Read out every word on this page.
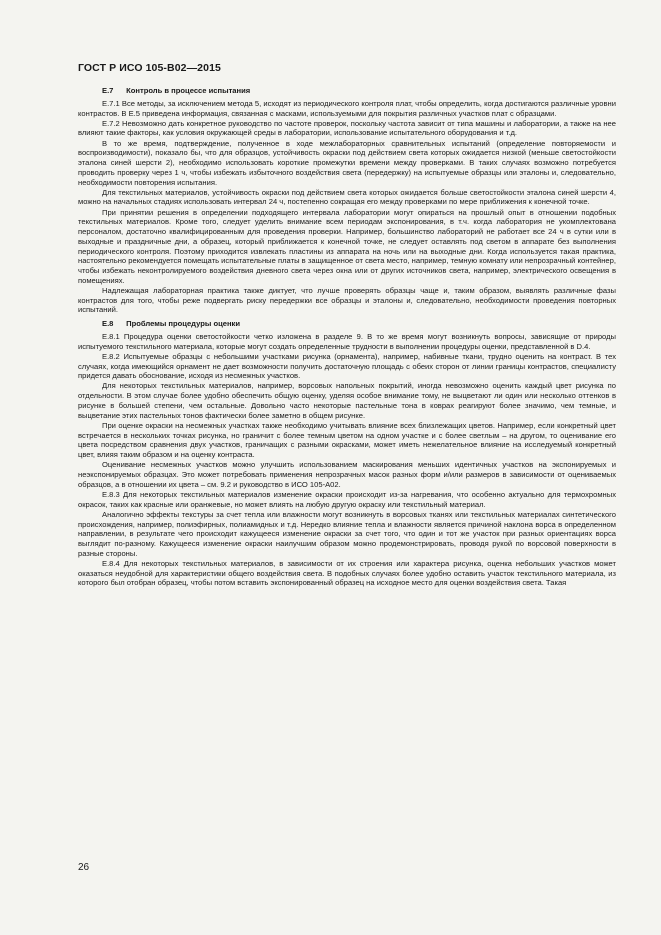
ГОСТ Р ИСО 105-B02—2015
E.7 Контроль в процессе испытания

E.7.1 Все методы, за исключением метода 5, исходят из периодического контроля плат, чтобы определить, когда достигаются различные уровни контрастов. В Е.5 приведена информация, связанная с масками, используемыми для покрытия различных участков плат с образцами.

E.7.2 Невозможно дать конкретное руководство по частоте проверок, поскольку частота зависит от типа машины и лаборатории, а также на нее влияют такие факторы, как условия окружающей среды в лаборатории, использование испытательного оборудования и т.д.

В то же время, подтверждение, полученное в ходе межлабораторных сравнительных испытаний (определение повторяемости и воспроизводимости), показало бы, что для образцов, устойчивость окраски под действием света которых ожидается низкой (меньше светостойкости эталона синей шерсти 2), необходимо использовать короткие промежутки времени между проверками. В таких случаях возможно потребуется проводить проверку через 1 ч, чтобы избежать избыточного воздействия света (передержку) на испытуемые образцы или эталоны и, следовательно, необходимости повторения испытания.

Для текстильных материалов, устойчивость окраски под действием света которых ожидается больше светостойкости эталона синей шерсти 4, можно на начальных стадиях использовать интервал 24 ч, постепенно сокращая его между проверками по мере приближения к конечной точке.

При принятии решения в определении подходящего интервала лаборатории могут опираться на прошлый опыт в отношении подобных текстильных материалов. Кроме того, следует уделить внимание всем периодам экспонирования, в т.ч. когда лаборатория не укомплектована персоналом, достаточно квалифицированным для проведения проверки. Например, большинство лабораторий не работает все 24 ч в сутки или в выходные и праздничные дни, а образец, который приближается к конечной точке, не следует оставлять под светом в аппарате без выполнения периодического контроля. Поэтому приходится извлекать пластины из аппарата на ночь или на выходные дни. Когда используется такая практика, настоятельно рекомендуется помещать испытательные платы в защищенное от света место, например, темную комнату или непрозрачный контейнер, чтобы избежать неконтролируемого воздействия дневного света через окна или от других источников света, например, электрического освещения в помещениях.

Надлежащая лабораторная практика также диктует, что лучше проверять образцы чаще и, таким образом, выявлять различные фазы контрастов для того, чтобы реже подвергать риску передержки все образцы и эталоны и, следовательно, необходимости проведения повторных испытаний.

E.8 Проблемы процедуры оценки

E.8.1 Процедура оценки светостойкости четко изложена в разделе 9. В то же время могут возникнуть вопросы, зависящие от природы испытуемого текстильного материала, которые могут создать определенные трудности в выполнении процедуры оценки, представленной в D.4.

E.8.2 Испытуемые образцы с небольшими участками рисунка (орнамента), например, набивные ткани, трудно оценить на контраст. В тех случаях, когда имеющийся орнамент не дает возможности получить достаточную площадь с обеих сторон от линии границы контрастов, специалисту придется давать обоснование, исходя из несмежных участков.

Для некоторых текстильных материалов, например, ворсовых напольных покрытий, иногда невозможно оценить каждый цвет рисунка по отдельности. В этом случае более удобно обеспечить общую оценку, уделяя особое внимание тому, не выцветают ли один или несколько оттенков в рисунке в большей степени, чем остальные. Довольно часто некоторые пастельные тона в коврах реагируют более значимо, чем темные, и выцветание этих пастельных тонов фактически более заметно в общем рисунке.

При оценке окраски на несмежных участках также необходимо учитывать влияние всех близлежащих цветов. Например, если конкретный цвет встречается в нескольких точках рисунка, но граничит с более темным цветом на одном участке и с более светлым – на другом, то оценивание его цвета посредством сравнения двух участков, граничащих с разными окрасками, может иметь нежелательное влияние на исследуемый конкретный цвет, влияя таким образом и на оценку контраста.

Оценивание несмежных участков можно улучшить использованием маскирования меньших идентичных участков на экспонируемых и неэкспонируемых образцах. Это может потребовать применения непрозрачных масок разных форм и/или размеров в зависимости от оцениваемых образцов, а в отношении их цвета – см. 9.2 и руководство в ИСО 105-A02.

E.8.3 Для некоторых текстильных материалов изменение окраски происходит из-за нагревания, что особенно актуально для термохромных окрасок, таких как красные или оранжевые, но может влиять на любую другую окраску или текстильный материал.

Аналогично эффекты текстуры за счет тепла или влажности могут возникнуть в ворсовых тканях или текстильных материалах синтетического происхождения, например, полиэфирных, полиамидных и т.д. Нередко влияние тепла и влажности является причиной наклона ворса в определенном направлении, в результате чего происходит кажущееся изменение окраски за счет того, что один и тот же участок при разных ориентациях ворса выглядит по-разному. Кажущееся изменение окраски наилучшим образом можно продемонстрировать, проводя рукой по ворсовой поверхности в разные стороны.

E.8.4 Для некоторых текстильных материалов, в зависимости от их строения или характера рисунка, оценка небольших участков может оказаться неудобной для характеристики общего воздействия света. В подобных случаях более удобно оставить участок текстильного материала, из которого был отобран образец, чтобы потом вставить экспонированный образец на исходное место для оценки воздействия света. Такая

26
